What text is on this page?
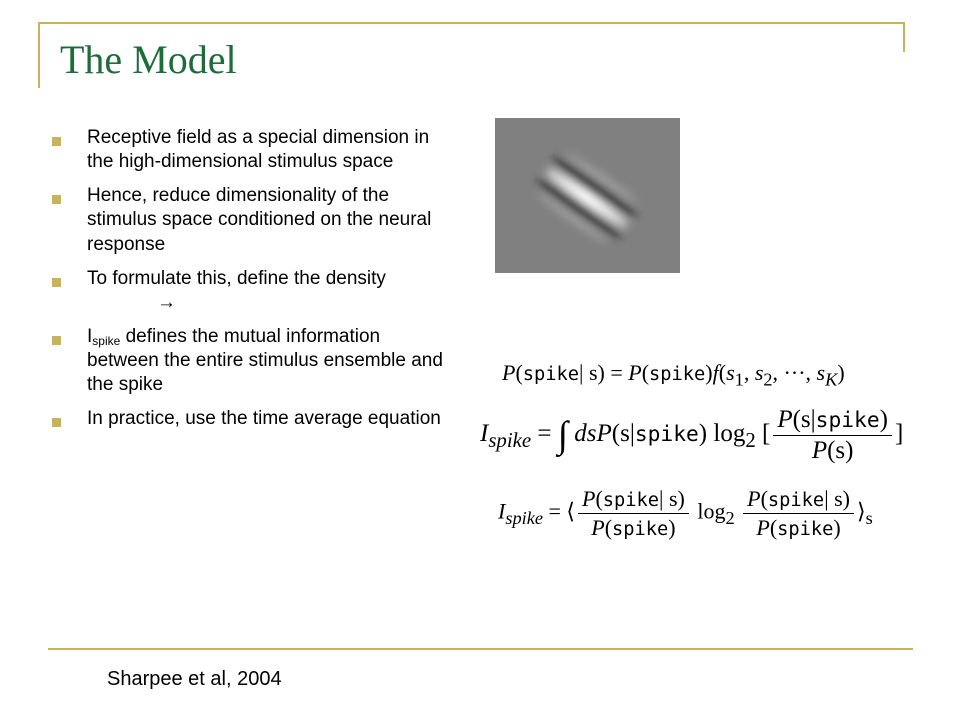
The Model
Receptive field as a special dimension in the high-dimensional stimulus space
Hence, reduce dimensionality of the stimulus space conditioned on the neural response
To formulate this, define the density →
Ispike defines the mutual information between the entire stimulus ensemble and the spike
In practice, use the time average equation
P(spike| $s) = P(spike)f(s_1$, $s_2$, ···, $s_K$)
$I_{spike}$ = ∫ dsP(s|spike) $\log_2$ [ $\frac{\text{P(s|spike)}}{P(s)}$ ]
$I_{spike}$ = ⟨ $\frac{\text{P(spike| s)}}{\text{P(spike)}} \log_2 \frac{\text{P(spike| s)}}{\text{P(spike)}}$ $⟩_s$
Sharpee et al, 2004
